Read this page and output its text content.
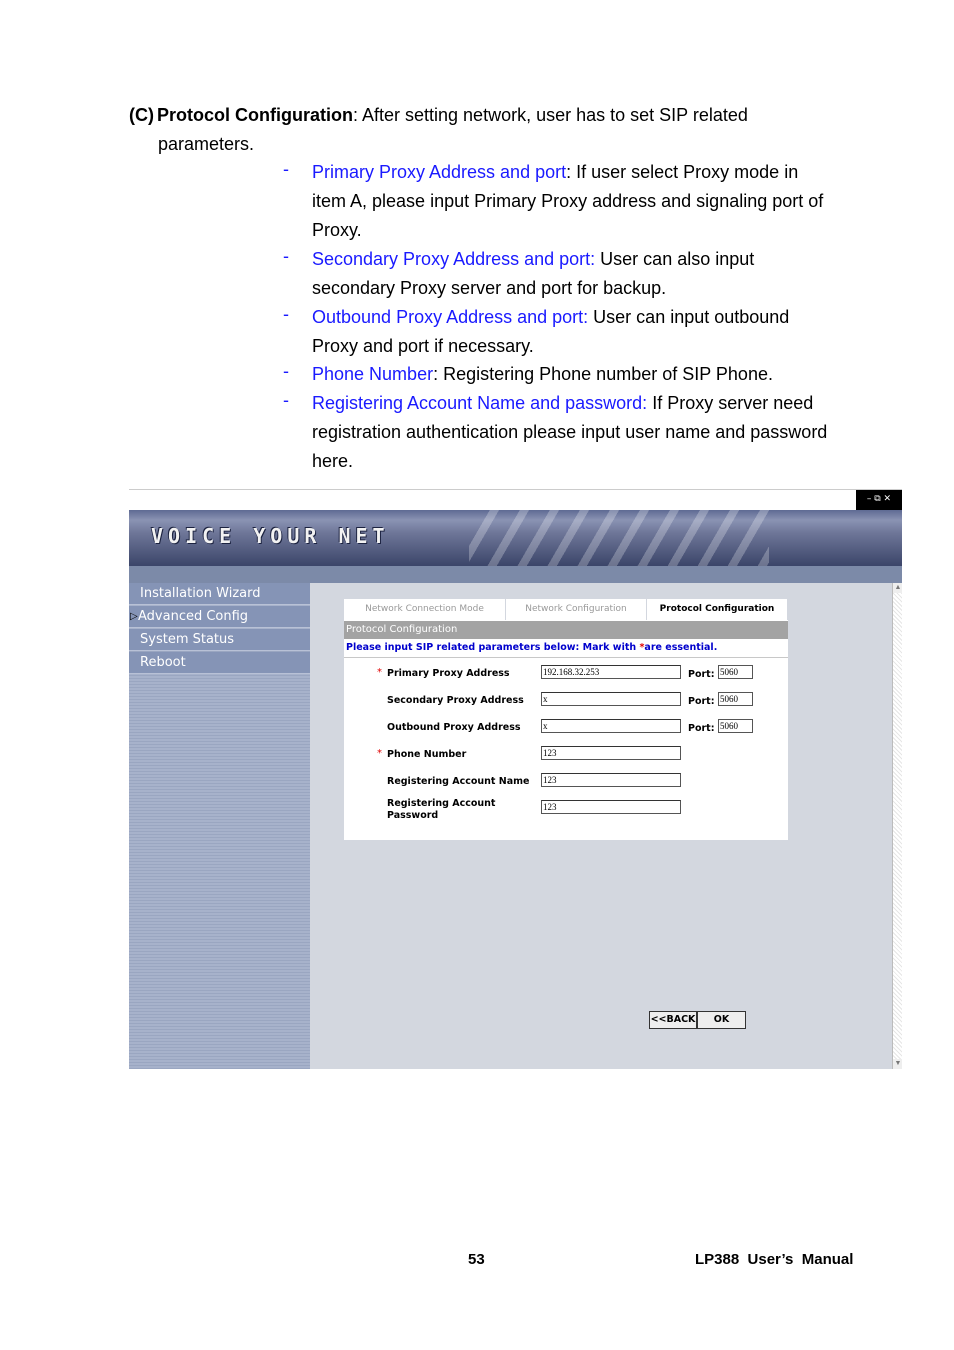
(C) Protocol Configuration: After setting network, user has to set SIP related
parameters.
- Primary Proxy Address and port: If user select Proxy mode in
item A, please input Primary Proxy address and signaling port of
Proxy.
- Secondary Proxy Address and port: User can also input
secondary Proxy server and port for backup.
- Outbound Proxy Address and port: User can input outbound
Proxy and port if necessary.
- Phone Number: Registering Phone number of SIP Phone.
- Registering Account Name and password: If Proxy server need
registration authentication please input user name and password
here.
– ⧉ ✕
VOICE YOUR NET
Installation Wizard
▷ Advanced Config
System Status
Reboot
▲
▼
Network Connection Mode	Network Configuration	Protocol Configuration
Protocol Configuration
Please input SIP related parameters below: Mark with *are essential.
* Primary Proxy Address	192.168.32.253	Port: 5060
Secondary Proxy Address x	Port: 5060
Outbound Proxy Address x	Port: 5060
* Phone Number	123
Registering Account Name 123
Registering Account
Password
123
<<BACK	OK
53	LP388  User’s  Manual
